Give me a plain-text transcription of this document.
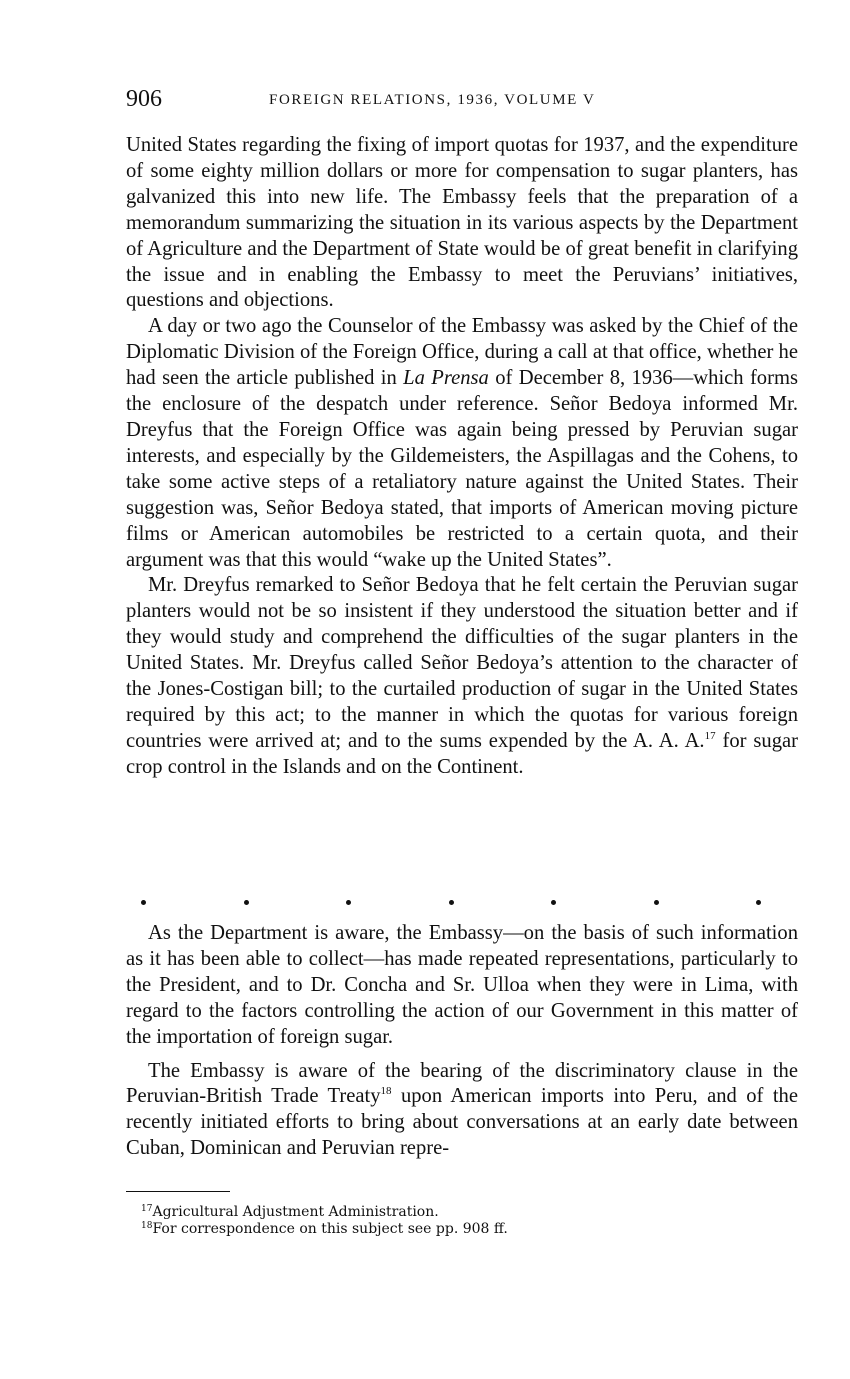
906	FOREIGN RELATIONS, 1936, VOLUME V

United States regarding the fixing of import quotas for 1937, and the expenditure of some eighty million dollars or more for compensation to sugar planters, has galvanized this into new life. The Embassy feels that the preparation of a memorandum summarizing the situation in its various aspects by the Department of Agriculture and the Department of State would be of great benefit in clarifying the issue and in enabling the Embassy to meet the Peruvians’ initiatives, questions and objections.

A day or two ago the Counselor of the Embassy was asked by the Chief of the Diplomatic Division of the Foreign Office, during a call at that office, whether he had seen the article published in La Prensa of December 8, 1936—which forms the enclosure of the despatch under reference. Señor Bedoya informed Mr. Dreyfus that the Foreign Office was again being pressed by Peruvian sugar interests, and especially by the Gildemeisters, the Aspillagas and the Cohens, to take some active steps of a retaliatory nature against the United States. Their suggestion was, Señor Bedoya stated, that imports of American moving picture films or American automobiles be restricted to a certain quota, and their argument was that this would “wake up the United States”.

Mr. Dreyfus remarked to Señor Bedoya that he felt certain the Peruvian sugar planters would not be so insistent if they understood the situation better and if they would study and comprehend the difficulties of the sugar planters in the United States. Mr. Dreyfus called Señor Bedoya’s attention to the character of the Jones-Costigan bill; to the curtailed production of sugar in the United States required by this act; to the manner in which the quotas for various foreign countries were arrived at; and to the sums expended by the A. A. A.$^{17}$ for sugar crop control in the Islands and on the Continent.

As the Department is aware, the Embassy—on the basis of such information as it has been able to collect—has made repeated representations, particularly to the President, and to Dr. Concha and Sr. Ulloa when they were in Lima, with regard to the factors controlling the action of our Government in this matter of the importation of foreign sugar.

The Embassy is aware of the bearing of the discriminatory clause in the Peruvian-British Trade Treaty$^{18}$ upon American imports into Peru, and of the recently initiated efforts to bring about conversations at an early date between Cuban, Dominican and Peruvian repre-

$^{17}$Agricultural Adjustment Administration.
$^{18}$For correspondence on this subject see pp. 908 ff.
